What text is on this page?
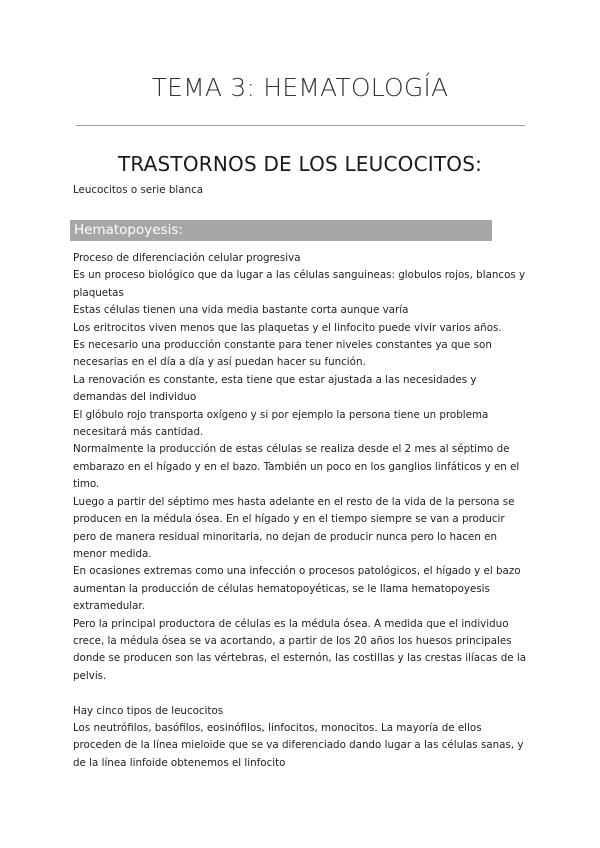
TEMA 3: HEMATOLOGÍA
TRASTORNOS DE LOS LEUCOCITOS:
Leucocitos o serie blanca
Hematopoyesis:

Proceso de diferenciación celular progresiva

Es un proceso biológico que da lugar a las células sanguineas: globulos rojos, blancos y plaquetas

Estas células tienen una vida media bastante corta aunque varía

Los eritrocitos viven menos que las plaquetas y el linfocito puede vivir varios años.

Es necesario una producción constante para tener niveles constantes ya que son necesarias en el día a día y así puedan hacer su función.

La renovación es constante, esta tiene que estar ajustada a las necesidades y demandas del individuo

El glóbulo rojo transporta oxígeno y si por ejemplo la persona tiene un problema necesitará más cantidad.

Normalmente la producción de estas células se realiza desde el 2 mes al séptimo de embarazo en el hígado y en el bazo. También un poco en los ganglios linfáticos y en el timo.

Luego a partir del séptimo mes hasta adelante en el resto de la vida de la persona se producen en la médula ósea. En el hígado y en el tiempo siempre se van a producir pero de manera residual minoritaria, no dejan de producir nunca pero lo hacen en menor medida.

En ocasiones extremas como una infección o procesos patológicos, el hígado y el bazo aumentan la producción de células hematopoyéticas, se le llama hematopoyesis extramedular.

Pero la principal productora de células es la médula ósea. A medida que el individuo crece, la médula ósea se va acortando, a partir de los 20 años los huesos principales donde se producen son las vértebras, el esternón, las costillas y las crestas ilíacas de la pelvis.

Hay cinco tipos de leucocitos

Los neutrófilos, basófilos, eosinófilos, linfocitos, monocitos. La mayoría de ellos proceden de la línea mieloide que se va diferenciado dando lugar a las células sanas, y de la línea linfoide obtenemos el linfocito
